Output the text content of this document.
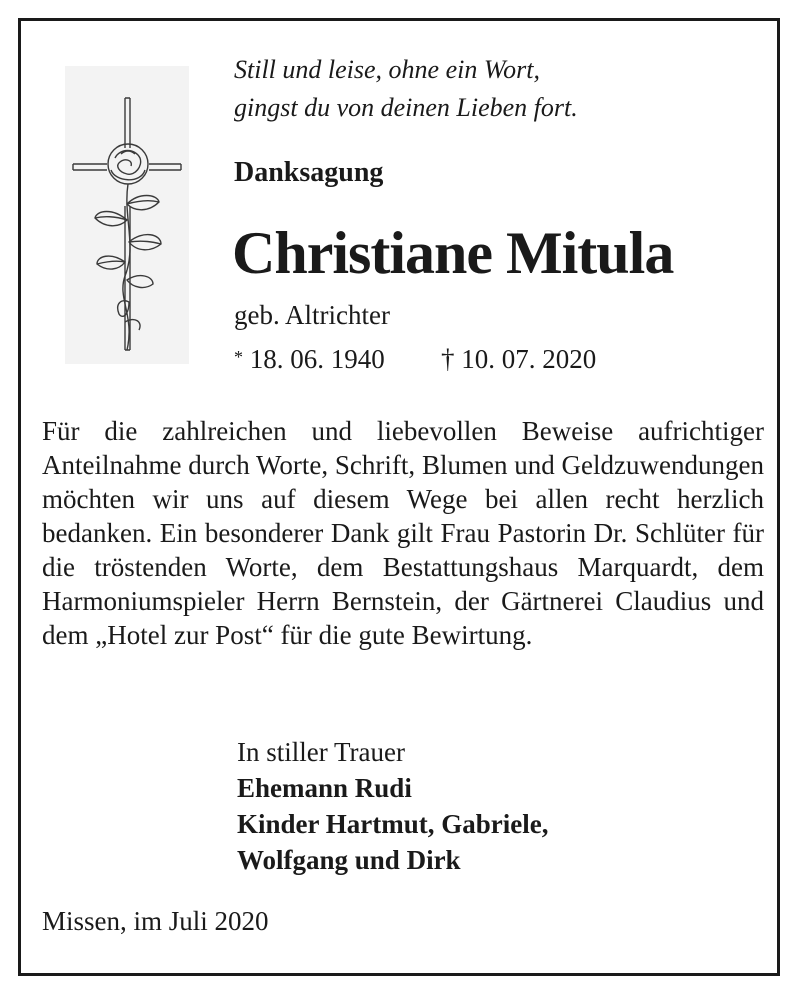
Still und leise, ohne ein Wort,
gingst du von deinen Lieben fort.
Danksagung
Christiane Mitula
geb. Altrichter
* 18. 06. 1940 † 10. 07. 2020

Für die zahlreichen und liebevollen Beweise aufrichtiger Anteilnahme durch Worte, Schrift, Blumen und Geldzuwendungen möchten wir uns auf diesem Wege bei allen recht herzlich bedanken. Ein besonderer Dank gilt Frau Pastorin Dr. Schlüter für die tröstenden Worte, dem Bestattungshaus Marquardt, dem Harmoniumspieler Herrn Bernstein, der Gärtnerei Claudius und dem „Hotel zur Post“ für die gute Bewirtung.

In stiller Trauer
Ehemann Rudi
Kinder Hartmut, Gabriele,
Wolfgang und Dirk
Missen, im Juli 2020
